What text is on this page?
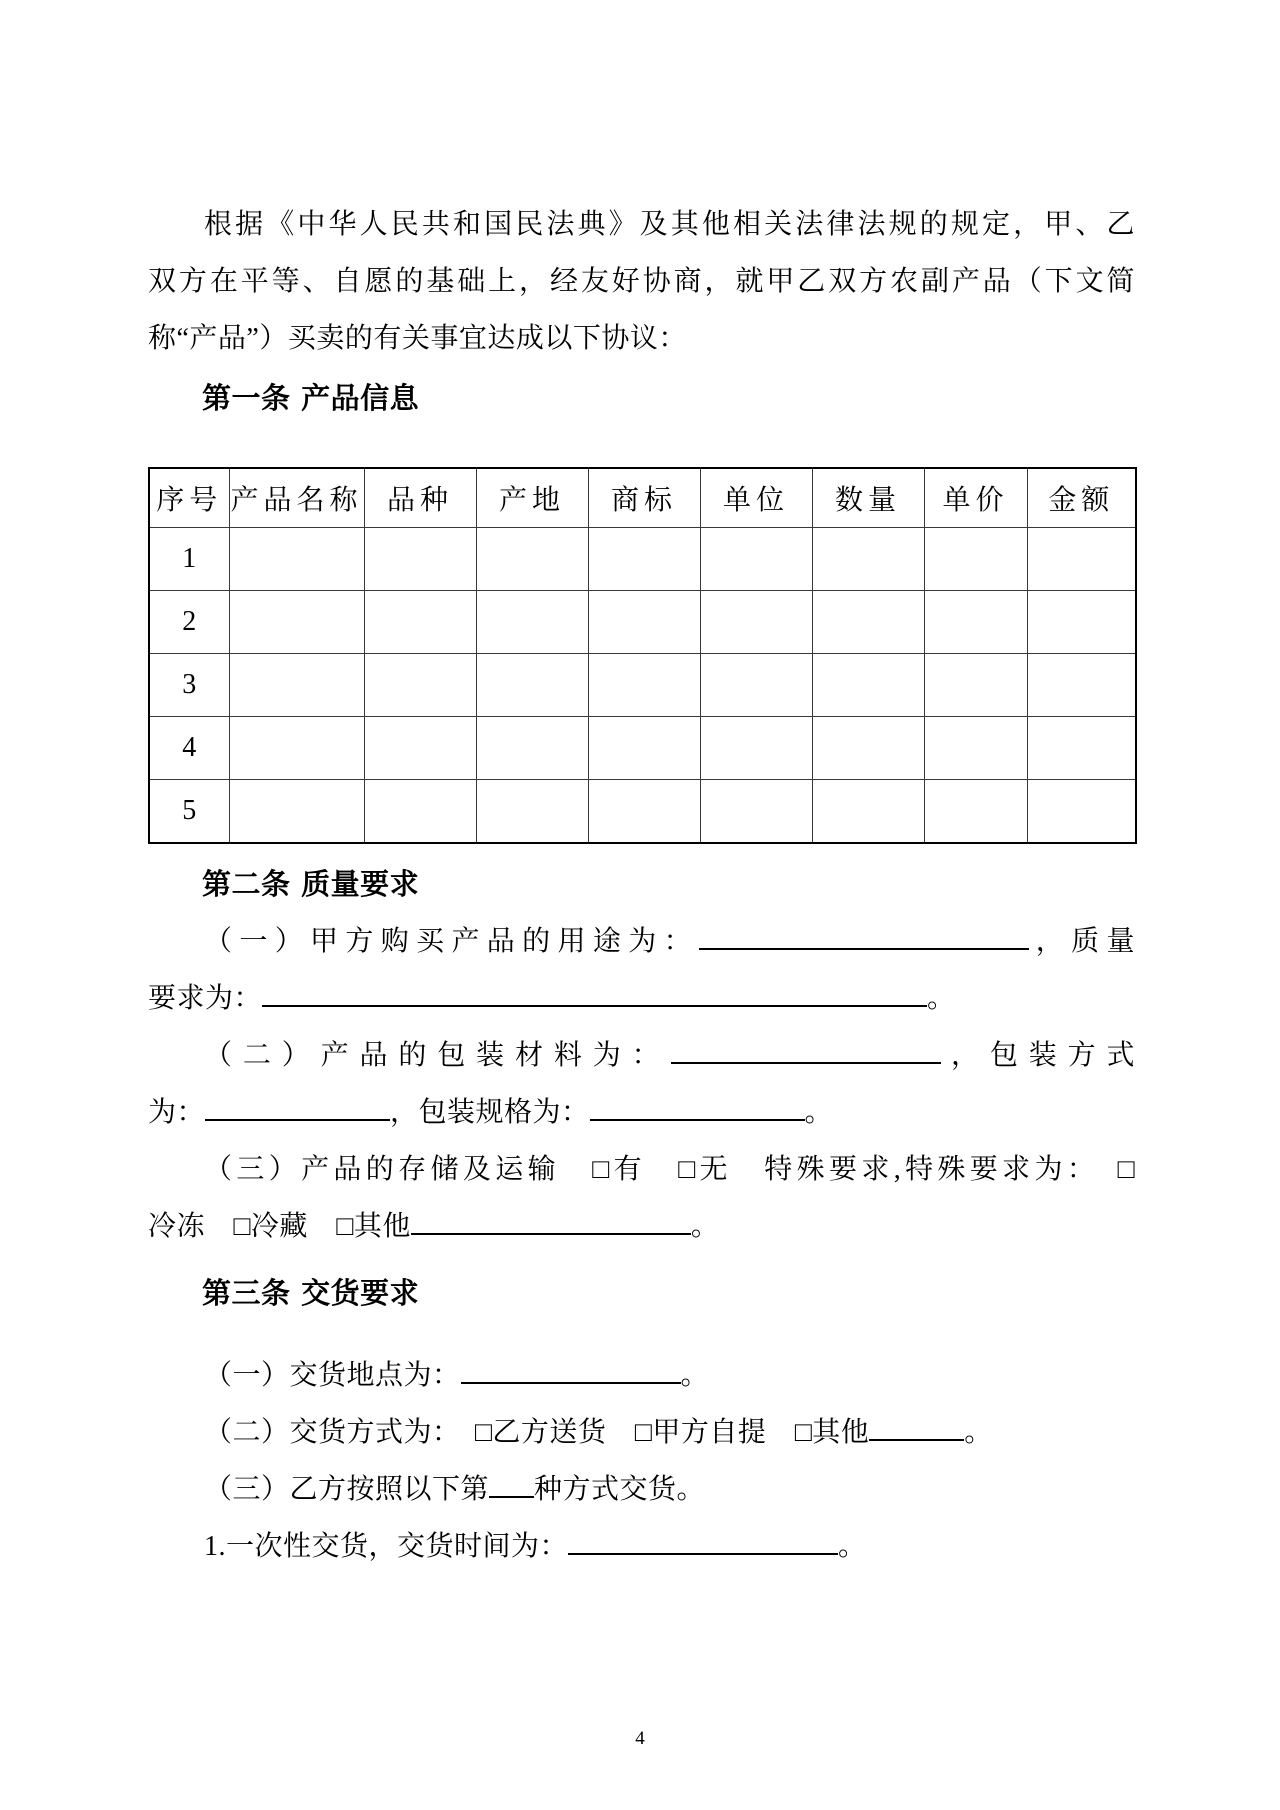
根据《中华人民共和国民法典》及其他相关法律法规的规定，甲、乙
双方在平等、自愿的基础上，经友好协商，就甲乙双方农副产品（下文简
称“产品”）买卖的有关事宜达成以下协议：
第一条 产品信息
序号	产品名称	品种	产地	商标	单位	数量	单价	金额
1								
2								
3								
4								
5								
第二条 质量要求
（一）甲方购买产品的用途为：	，质量
要求为：	。
（二）产品的包装材料为：	，包装方式
为：	，包装规格为：	。
（三）产品的存储及运输　□有　□无　特殊要求,特殊要求为：　□
冷冻　□冷藏　□其他	。
第三条 交货要求
（一）交货地点为：	。
（二）交货方式为：　□乙方送货　□甲方自提　□其他	。
（三）乙方按照以下第 种方式交货。
1.一次性交货，交货时间为：	。
4
